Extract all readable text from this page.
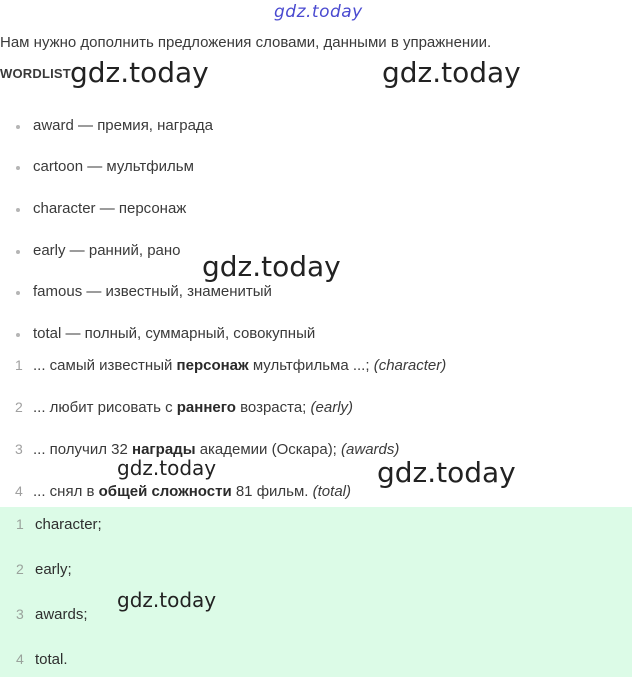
gdz.today
gdz.today	gdz.today
Нам нужно дополнить предложения словами, данными в упражнении.
WORDLIST
award — премия, награда
cartoon — мультфильм
character — персонаж
early — ранний, рано
famous — известный, знаменитый
total — полный, суммарный, совокупный
gdz.today
1 ... самый известный персонаж мультфильма ...; (character)
2 ... любит рисовать с раннего возраста; (early)
3 ... получил 32 награды академии (Оскара); (awards)
4 ... снял в общей сложности 81 фильм. (total)
gdz.today	gdz.today
1 character;
2 early;
3 awards;
4 total.
gdz.today
